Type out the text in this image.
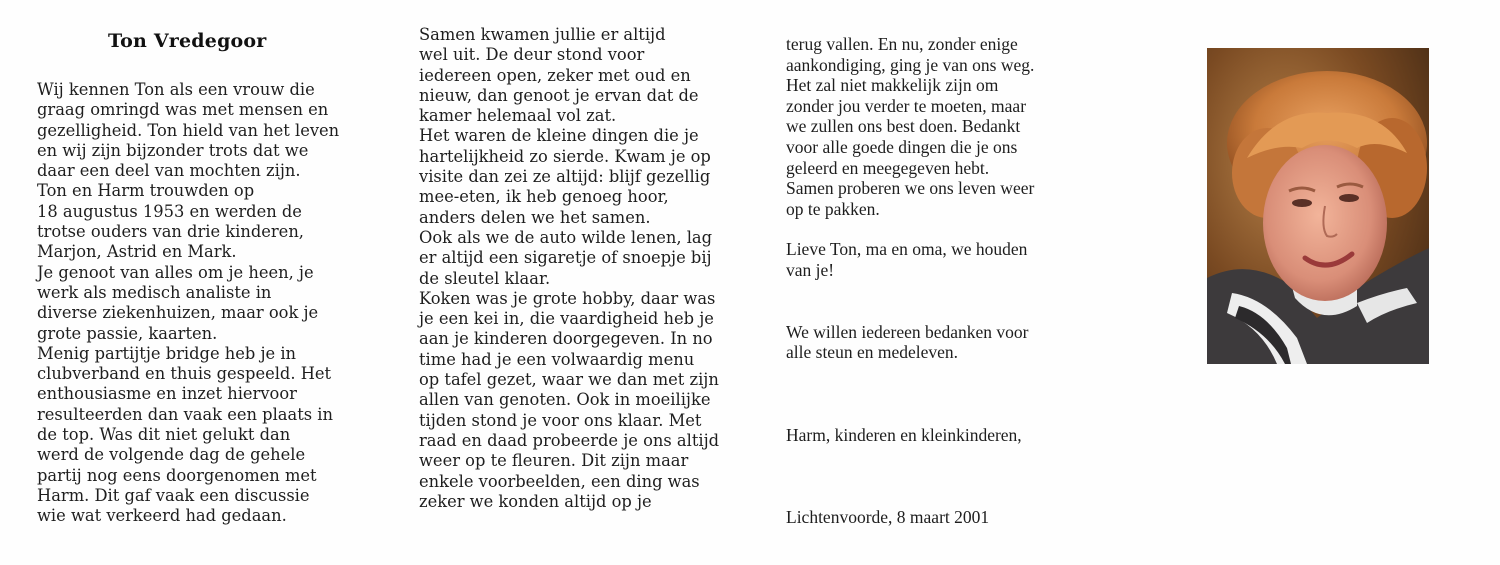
Ton Vredegoor
Wij kennen Ton als een vrouw die
graag omringd was met mensen en
gezelligheid. Ton hield van het leven
en wij zijn bijzonder trots dat we
daar een deel van mochten zijn.
Ton en Harm trouwden op
18 augustus 1953 en werden de
trotse ouders van drie kinderen,
Marjon, Astrid en Mark.
Je genoot van alles om je heen, je
werk als medisch analiste in
diverse ziekenhuizen, maar ook je
grote passie, kaarten.
Menig partijtje bridge heb je in
clubverband en thuis gespeeld. Het
enthousiasme en inzet hiervoor
resulteerden dan vaak een plaats in
de top. Was dit niet gelukt dan
werd de volgende dag de gehele
partij nog eens doorgenomen met
Harm. Dit gaf vaak een discussie
wie wat verkeerd had gedaan.
Samen kwamen jullie er altijd
wel uit. De deur stond voor
iedereen open, zeker met oud en
nieuw, dan genoot je ervan dat de
kamer helemaal vol zat.
Het waren de kleine dingen die je
hartelijkheid zo sierde. Kwam je op
visite dan zei ze altijd: blijf gezellig
mee-eten, ik heb genoeg hoor,
anders delen we het samen.
Ook als we de auto wilde lenen, lag
er altijd een sigaretje of snoepje bij
de sleutel klaar.
Koken was je grote hobby, daar was
je een kei in, die vaardigheid heb je
aan je kinderen doorgegeven. In no
time had je een volwaardig menu
op tafel gezet, waar we dan met zijn
allen van genoten. Ook in moeilijke
tijden stond je voor ons klaar. Met
raad en daad probeerde je ons altijd
weer op te fleuren. Dit zijn maar
enkele voorbeelden, een ding was
zeker we konden altijd op je
terug vallen. En nu, zonder enige
aankondiging, ging je van ons weg.
Het zal niet makkelijk zijn om
zonder jou verder te moeten, maar
we zullen ons best doen. Bedankt
voor alle goede dingen die je ons
geleerd en meegegeven hebt.
Samen proberen we ons leven weer
op te pakken.
Lieve Ton, ma en oma, we houden
van je!
We willen iedereen bedanken voor
alle steun en medeleven.
Harm, kinderen en kleinkinderen,
Lichtenvoorde, 8 maart 2001
